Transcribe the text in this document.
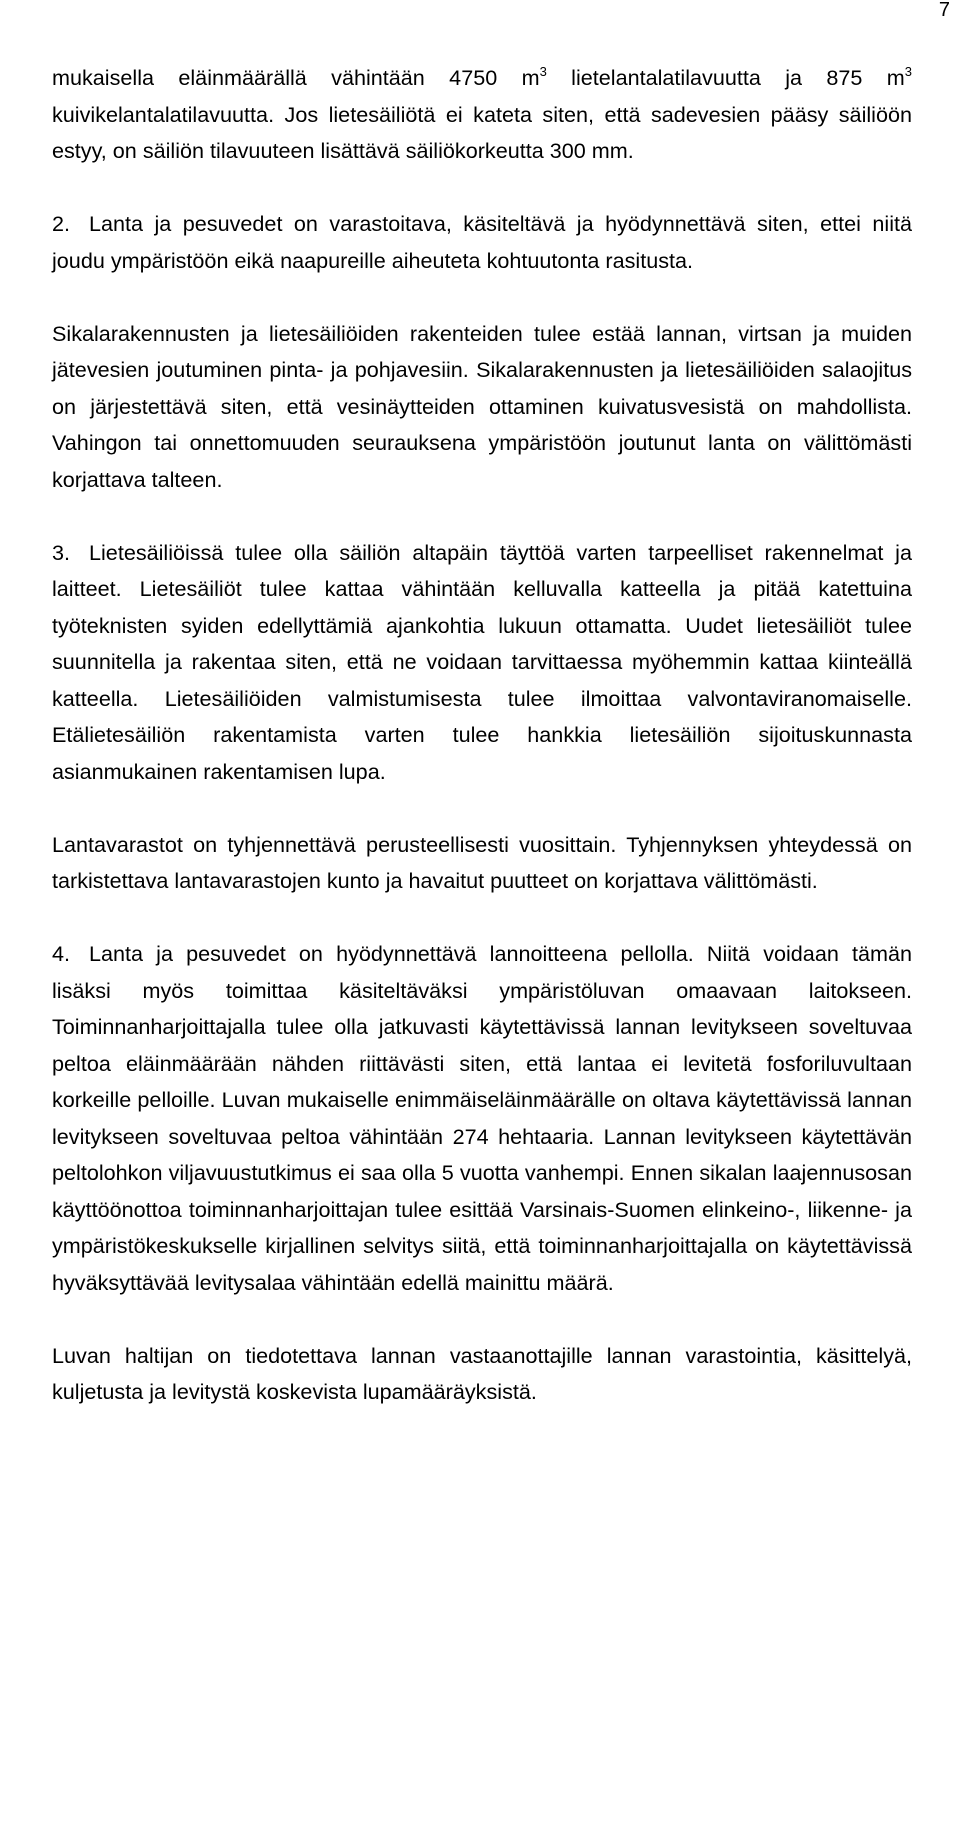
7

mukaisella eläinmäärällä vähintään 4750 $m^3$ lietelantalatilavuutta ja 875 $m^3$ kuivikelantalatilavuutta. Jos lietesäiliötä ei kateta siten, että sadevesien pääsy säiliöön estyy, on säiliön tilavuuteen lisättävä säiliökorkeutta 300 mm.

2. Lanta ja pesuvedet on varastoitava, käsiteltävä ja hyödynnettävä siten, ettei niitä joudu ympäristöön eikä naapureille aiheuteta kohtuutonta rasitusta.

Sikalarakennusten ja lietesäiliöiden rakenteiden tulee estää lannan, virtsan ja muiden jätevesien joutuminen pinta- ja pohjavesiin. Sikalarakennusten ja lietesäiliöiden salaojitus on järjestettävä siten, että vesinäytteiden ottaminen kuivatusvesistä on mahdollista. Vahingon tai onnettomuuden seurauksena ympäristöön joutunut lanta on välittömästi korjattava talteen.

3. Lietesäiliöissä tulee olla säiliön altapäin täyttöä varten tarpeelliset rakennelmat ja laitteet. Lietesäiliöt tulee kattaa vähintään kelluvalla katteella ja pitää katettuina työteknisten syiden edellyttämiä ajankohtia lukuun ottamatta. Uudet lietesäiliöt tulee suunnitella ja rakentaa siten, että ne voidaan tarvittaessa myöhemmin kattaa kiinteällä katteella. Lietesäiliöiden valmistumisesta tulee ilmoittaa valvontaviranomaiselle. Etälietesäiliön rakentamista varten tulee hankkia lietesäiliön sijoituskunnasta asianmukainen rakentamisen lupa.

Lantavarastot on tyhjennettävä perusteellisesti vuosittain. Tyhjennyksen yhteydessä on tarkistettava lantavarastojen kunto ja havaitut puutteet on korjattava välittömästi.

4. Lanta ja pesuvedet on hyödynnettävä lannoitteena pellolla. Niitä voidaan tämän lisäksi myös toimittaa käsiteltäväksi ympäristöluvan omaavaan laitokseen. Toiminnanharjoittajalla tulee olla jatkuvasti käytettävissä lannan levitykseen soveltuvaa peltoa eläinmäärään nähden riittävästi siten, että lantaa ei levitetä fosforiluvultaan korkeille pelloille. Luvan mukaiselle enimmäiseläinmäärälle on oltava käytettävissä lannan levitykseen soveltuvaa peltoa vähintään 274 hehtaaria. Lannan levitykseen käytettävän peltolohkon viljavuustutkimus ei saa olla 5 vuotta vanhempi. Ennen sikalan laajennusosan käyttöönottoa toiminnanharjoittajan tulee esittää Varsinais-Suomen elinkeino-, liikenne- ja ympäristökeskukselle kirjallinen selvitys siitä, että toiminnanharjoittajalla on käytettävissä hyväksyttävää levitysalaa vähintään edellä mainittu määrä.

Luvan haltijan on tiedotettava lannan vastaanottajille lannan varastointia, käsittelyä, kuljetusta ja levitystä koskevista lupamääräyksistä.
